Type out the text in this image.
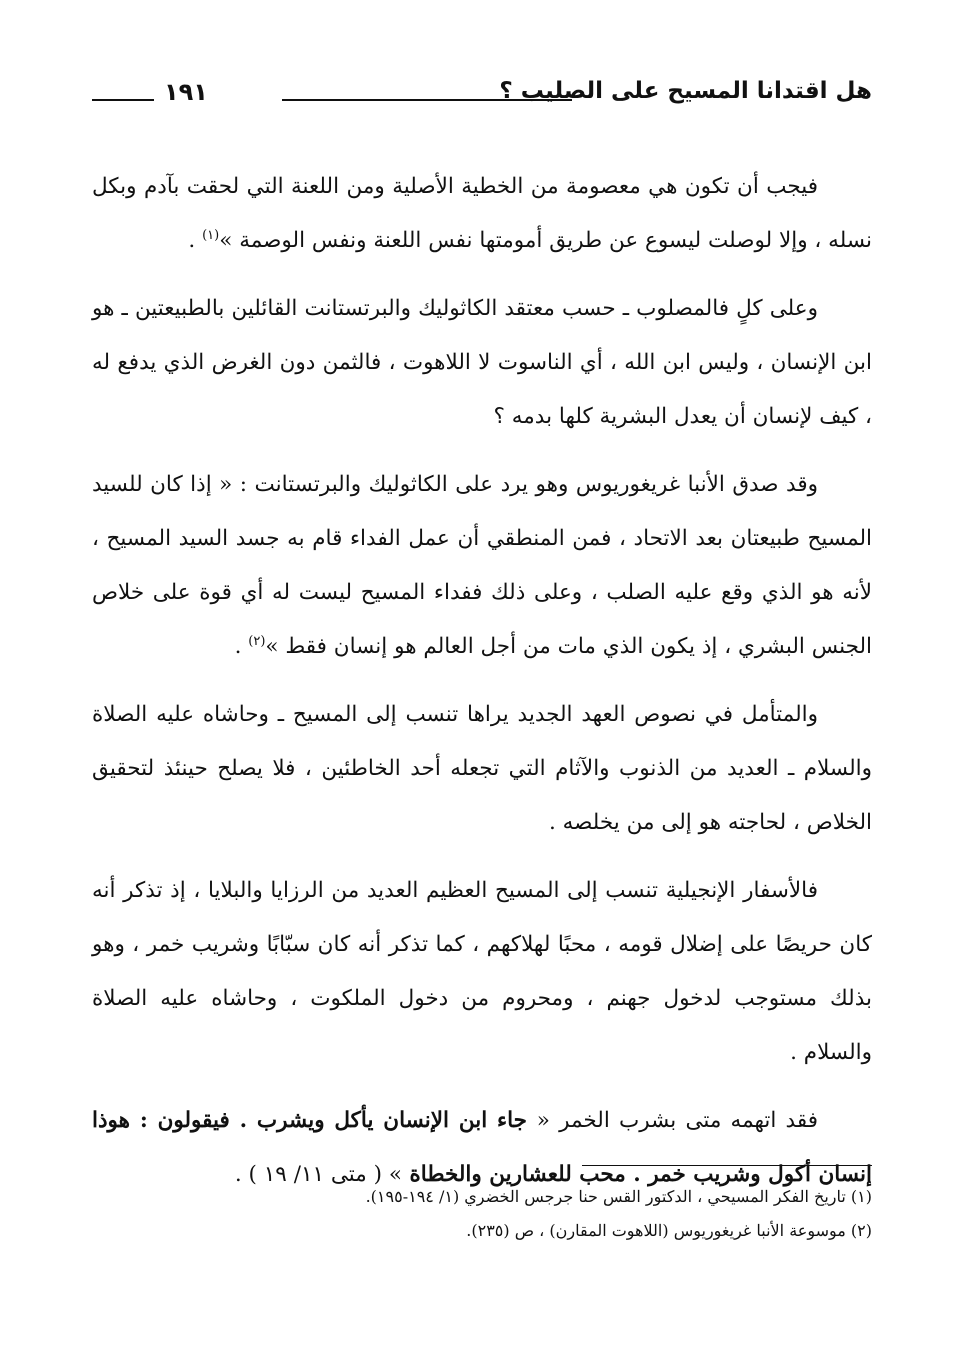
هل اقتدانا المسيح على الصليب ؟
١٩١

فيجب أن تكون هي معصومة من الخطية الأصلية ومن اللعنة التي لحقت بآدم وبكل نسله ، وإلا لوصلت ليسوع عن طريق أمومتها نفس اللعنة ونفس الوصمة »$^{(١)}$ .

وعلى كلٍ فالمصلوب ـ حسب معتقد الكاثوليك والبرتستانت القائلين بالطبيعتين ـ هو ابن الإنسان ، وليس ابن الله ، أي الناسوت لا اللاهوت ، فالثمن دون الغرض الذي يدفع له ، كيف لإنسان أن يعدل البشرية كلها بدمه ؟

وقد صدق الأنبا غريغوريوس وهو يرد على الكاثوليك والبرتستانت : « إذا كان للسيد المسيح طبيعتان بعد الاتحاد ، فمن المنطقي أن عمل الفداء قام به جسد السيد المسيح ، لأنه هو الذي وقع عليه الصلب ، وعلى ذلك ففداء المسيح ليست له أي قوة على خلاص الجنس البشري ، إذ يكون الذي مات من أجل العالم هو إنسان فقط »$^{(٢)}$ .

والمتأمل في نصوص العهد الجديد يراها تنسب إلى المسيح ـ وحاشاه عليه الصلاة والسلام ـ العديد من الذنوب والآثام التي تجعله أحد الخاطئين ، فلا يصلح حينئذ لتحقيق الخلاص ، لحاجته هو إلى من يخلصه .

فالأسفار الإنجيلية تنسب إلى المسيح العظيم العديد من الرزايا والبلايا ، إذ تذكر أنه كان حريصًا على إضلال قومه ، محبًا لهلاكهم ، كما تذكر أنه كان سبّابًا وشريب خمر ، وهو بذلك مستوجب لدخول جهنم ، ومحروم من دخول الملكوت ، وحاشاه عليه الصلاة والسلام .

فقد اتهمه متى بشرب الخمر « جاء ابن الإنسان يأكل ويشرب . فيقولون : هوذا إنسان أكول وشريب خمر . محب للعشارين والخطاة » ( متى ١١/ ١٩ ) .

(١) تاريخ الفكر المسيحي ، الدكتور القس حنا جرجس الخضري (١/ ١٩٤-١٩٥).

(٢) موسوعة الأنبا غريغوريوس (اللاهوت المقارن) ، ص (٢٣٥).
